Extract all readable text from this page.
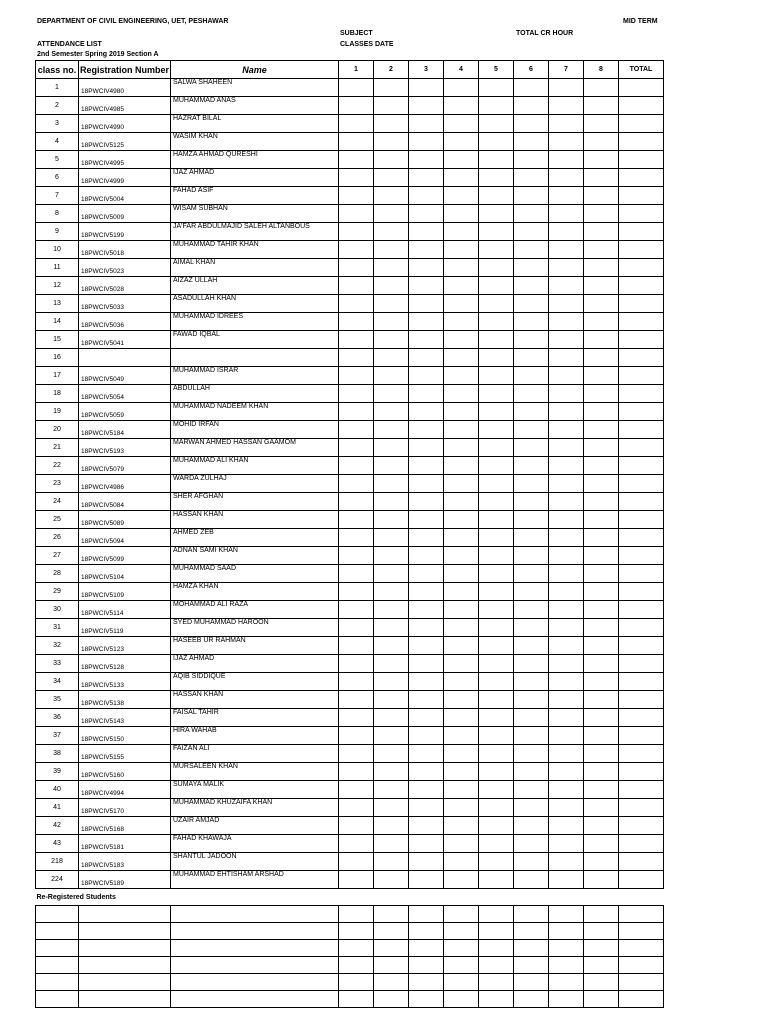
DEPARTMENT OF CIVIL ENGINEERING, UET, PESHAWAR	MID TERM
SUBJECT	TOTAL CR HOUR
ATTENDANCE LIST	CLASSES DATE
2nd Semester Spring 2019 Section A
class no.	Registration Number	Name	1	2	3	4	5	6	7	8	TOTAL
1	18PWCIV4980	SALWA SHAHEEN									
2	18PWCIV4985	MUHAMMAD ANAS									
3	18PWCIV4990	HAZRAT BILAL									
4	18PWCIV5125	WASIM KHAN									
5	18PWCIV4995	HAMZA AHMAD QURESHI									
6	18PWCIV4999	IJAZ AHMAD									
7	18PWCIV5004	FAHAD ASIF									
8	18PWCIV5009	WISAM SUBHAN									
9	18PWCIV5199	JA'FAR ABDULMAJID SALEH ALTANBOUS									
10	18PWCIV5018	MUHAMMAD TAHIR KHAN									
11	18PWCIV5023	AIMAL KHAN									
12	18PWCIV5028	AIZAZ ULLAH									
13	18PWCIV5033	ASADULLAH KHAN									
14	18PWCIV5036	MUHAMMAD IDREES									
15	18PWCIV5041	FAWAD IQBAL									
16											
17	18PWCIV5049	MUHAMMAD ISRAR									
18	18PWCIV5054	ABDULLAH									
19	18PWCIV5059	MUHAMMAD NADEEM KHAN									
20	18PWCIV5184	MOHID IRFAN									
21	18PWCIV5193	MARWAN AHMED HASSAN GAAMOM									
22	18PWCIV5079	MUHAMMAD ALI KHAN									
23	18PWCIV4986	WARDA ZULHAJ									
24	18PWCIV5084	SHER AFGHAN									
25	18PWCIV5089	HASSAN KHAN									
26	18PWCIV5094	AHMED ZEB									
27	18PWCIV5099	ADNAN SAMI KHAN									
28	18PWCIV5104	MUHAMMAD SAAD									
29	18PWCIV5109	HAMZA KHAN									
30	18PWCIV5114	MOHAMMAD ALI RAZA									
31	18PWCIV5119	SYED MUHAMMAD HAROON									
32	18PWCIV5123	HASEEB UR RAHMAN									
33	18PWCIV5128	IJAZ AHMAD									
34	18PWCIV5133	AQIB SIDDIQUE									
35	18PWCIV5138	HASSAN KHAN									
36	18PWCIV5143	FAISAL TAHIR									
37	18PWCIV5150	HIRA WAHAB									
38	18PWCIV5155	FAIZAN ALI									
39	18PWCIV5160	MURSALEEN KHAN									
40	18PWCIV4994	SUMAYA MALIK									
41	18PWCIV5170	MUHAMMAD KHUZAIFA KHAN									
42	18PWCIV5168	UZAIR AMJAD									
43	18PWCIV5181	FAHAD KHAWAJA									
218	18PWCIV5183	SHANTUL JADOON									
224	18PWCIV5189	MUHAMMAD EHTISHAM ARSHAD									
Re-Registered Students											
